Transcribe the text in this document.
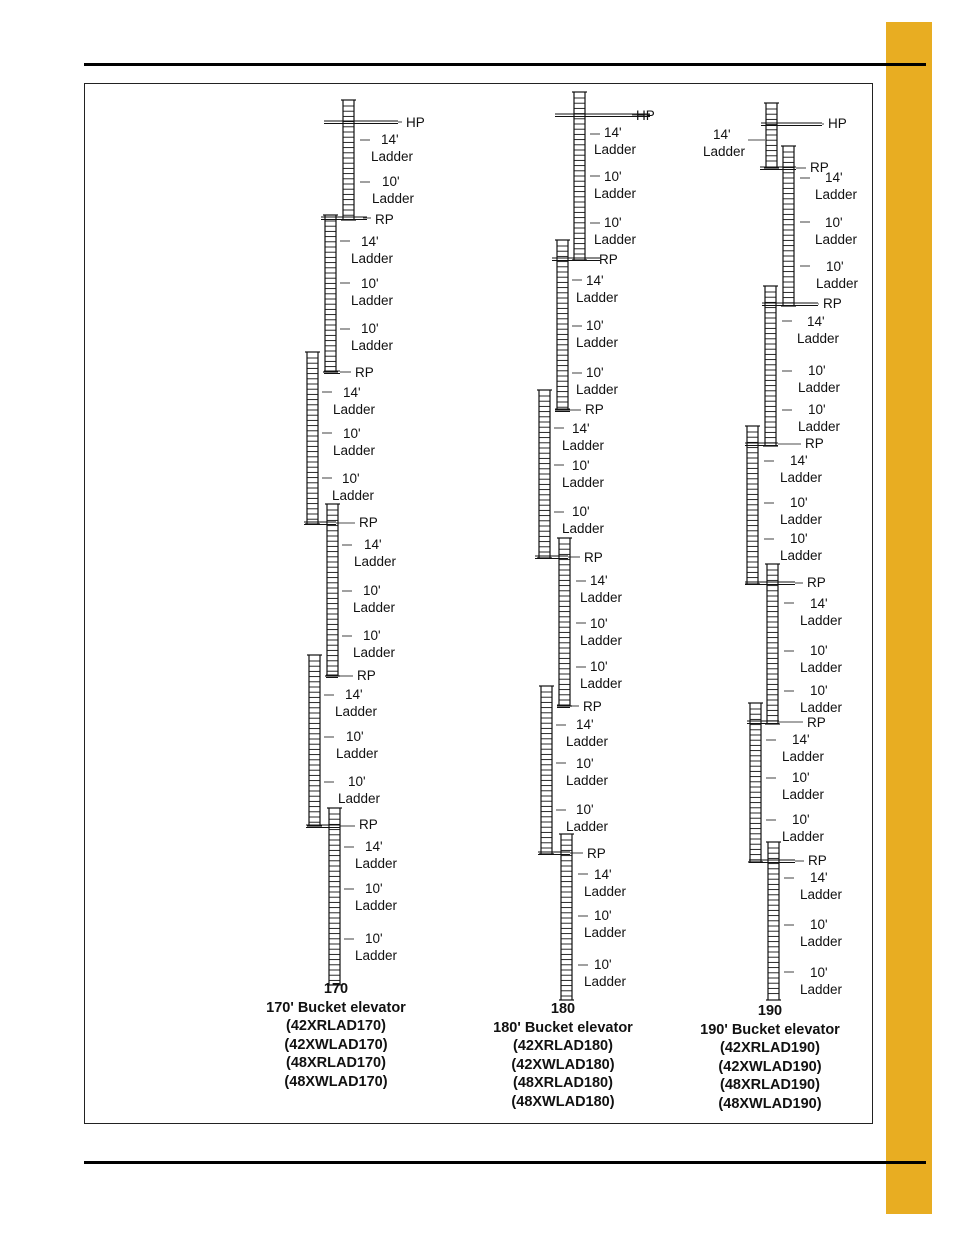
HP
RP
RP
RP
RP
RP
14'
Ladder
10'
Ladder
14'
Ladder
10'
Ladder
10'
Ladder
14'
Ladder
10'
Ladder
10'
Ladder
14'
Ladder
10'
Ladder
10'
Ladder
14'
Ladder
10'
Ladder
10'
Ladder
14'
Ladder
10'
Ladder
10'
Ladder
HP
RP
RP
RP
RP
RP
14'
Ladder
10'
Ladder
10'
Ladder
14'
Ladder
10'
Ladder
10'
Ladder
14'
Ladder
10'
Ladder
10'
Ladder
14'
Ladder
10'
Ladder
10'
Ladder
14'
Ladder
10'
Ladder
10'
Ladder
14'
Ladder
10'
Ladder
10'
Ladder
HP
RP
RP
RP
RP
RP
RP
14'
Ladder
10'
Ladder
10'
Ladder
14'
Ladder
10'
Ladder
10'
Ladder
14'
Ladder
10'
Ladder
10'
Ladder
14'
Ladder
10'
Ladder
10'
Ladder
14'
Ladder
10'
Ladder
10'
Ladder
14'
Ladder
10'
Ladder
10'
Ladder
14'
Ladder
170
170' Bucket elevator
(42XRLAD170)
(42XWLAD170)
(48XRLAD170)
(48XWLAD170)
180
180' Bucket elevator
(42XRLAD180)
(42XWLAD180)
(48XRLAD180)
(48XWLAD180)
190
190' Bucket elevator
(42XRLAD190)
(42XWLAD190)
(48XRLAD190)
(48XWLAD190)
